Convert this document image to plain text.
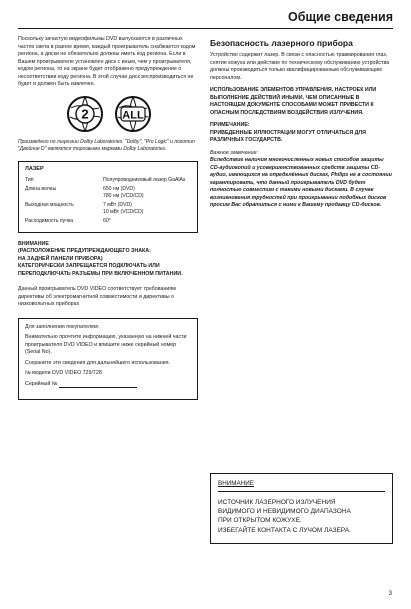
Общие сведения

Поскольку зачастую видеофильмы DVD выпускаются в различных частях света в разное время, каждый проигрыватель снабжается кодом региона, а диски не обязательно должны иметь код региона. Если в Вашем проигрывателе установлен диск с иным, чем у проигрывателя, кодом региона, то на экране будет отображено предупреждение о несоответствии коду региона. В этой случае диск воспроизводиться не будет и должен быть извлечен.

2	ALL

Произведено по лицензии Dolby Laboratories. "Dolby", "Pro Logic" и логотип "Двойное D" являются торговыми марками Dolby Laboratories.

ЛАЗЕР
Тип	Полупроводниковый лазер GaAlAs
Длина волны	650 нм (DVD)
780 нм (VCD/CD)
Выходная мощность	7 мВт (DVD)
10 мВт (VCD/CD)
Расходимость пучка	60°

ВНИМАНИЕ
(РАСПОЛОЖЕНИЕ ПРЕДУПРЕЖДАЮЩЕГО ЗНАКА:
НА ЗАДНЕЙ ПАНЕЛИ ПРИБОРА)
КАТЕГОРИЧЕСКИ ЗАПРЕЩАЕТСЯ ПОДКЛЮЧАТЬ ИЛИ ПЕРЕПОДКЛЮЧАТЬ РАЗЪЕМЫ ПРИ ВКЛЮЧЕННОМ ПИТАНИИ.

Данный проигрыватель DVD VIDEO соответствует требованиям директивы об электромагнитной совместимости и директивы о низковольтных приборах

Для заполнения покупателем:

Внимательно прочтите информацию, указанную на нижней части проигрывателя DVD VIDEO и впишите ниже серийный номер (Serial No).

Сохраните эти сведения для дальнейшего использования.

№ модели DVD VIDEO 729/728

Серийный №

Безопасность лазерного прибора

Устройство содержит лазер. В связи с опасностью травмирования глаз, снятие кожуха или действие по техническому обслуживанию устройства должны производиться только квалифицированным обслуживающим персоналом.

ИСПОЛЬЗОВАНИЕ ЭЛЕМЕНТОВ УПРАВЛЕНИЯ, НАСТРОЕК ИЛИ ВЫПОЛНЕНИЕ ДЕЙСТВИЙ ИНЫМИ, ЧЕМ ОПИСАННЫЕ В НАСТОЯЩЕМ ДОКУМЕНТЕ СПОСОБАМИ МОЖЕТ ПРИВЕСТИ К ОПАСНЫМ ПОСЛЕДСТВИЯМ ВОЗДЕЙСТВИЯ ИЗЛУЧЕНИЯ.

ПРИМЕЧАНИЕ:

ПРИВЕДЕННЫЕ ИЛЛЮСТРАЦИИ МОГУТ ОТЛИЧАТЬСЯ ДЛЯ РАЗЛИЧНЫХ ГОСУДАРСТВ.

Важное замечание:

Вследствие наличия многочисленных новых способов защиты CD-аудиокопий и усовершенствованных средств защиты CD-аудио, имеющихся на определённых дисках, Philips не в состоянии гарантировать, что данный проигрыватель DVD будет полностью совместим с такими новыми дисками. В случае возникновения трудностей при проигрывании подобных дисков просим Вас обратиться с ними к Вашему продавцу CD-дисков.

ВНИМАНИЕ
ИСТОЧНИК ЛАЗЕРНОГО ИЗЛУЧЕНИЯ
ВИДИМОГО И НЕВИДИМОГО ДИАПАЗОНА
ПРИ ОТКРЫТОМ КОЖУХЕ.
ИЗБЕГАЙТЕ КОНТАКТА С ЛУЧОМ ЛАЗЕРА.
3
